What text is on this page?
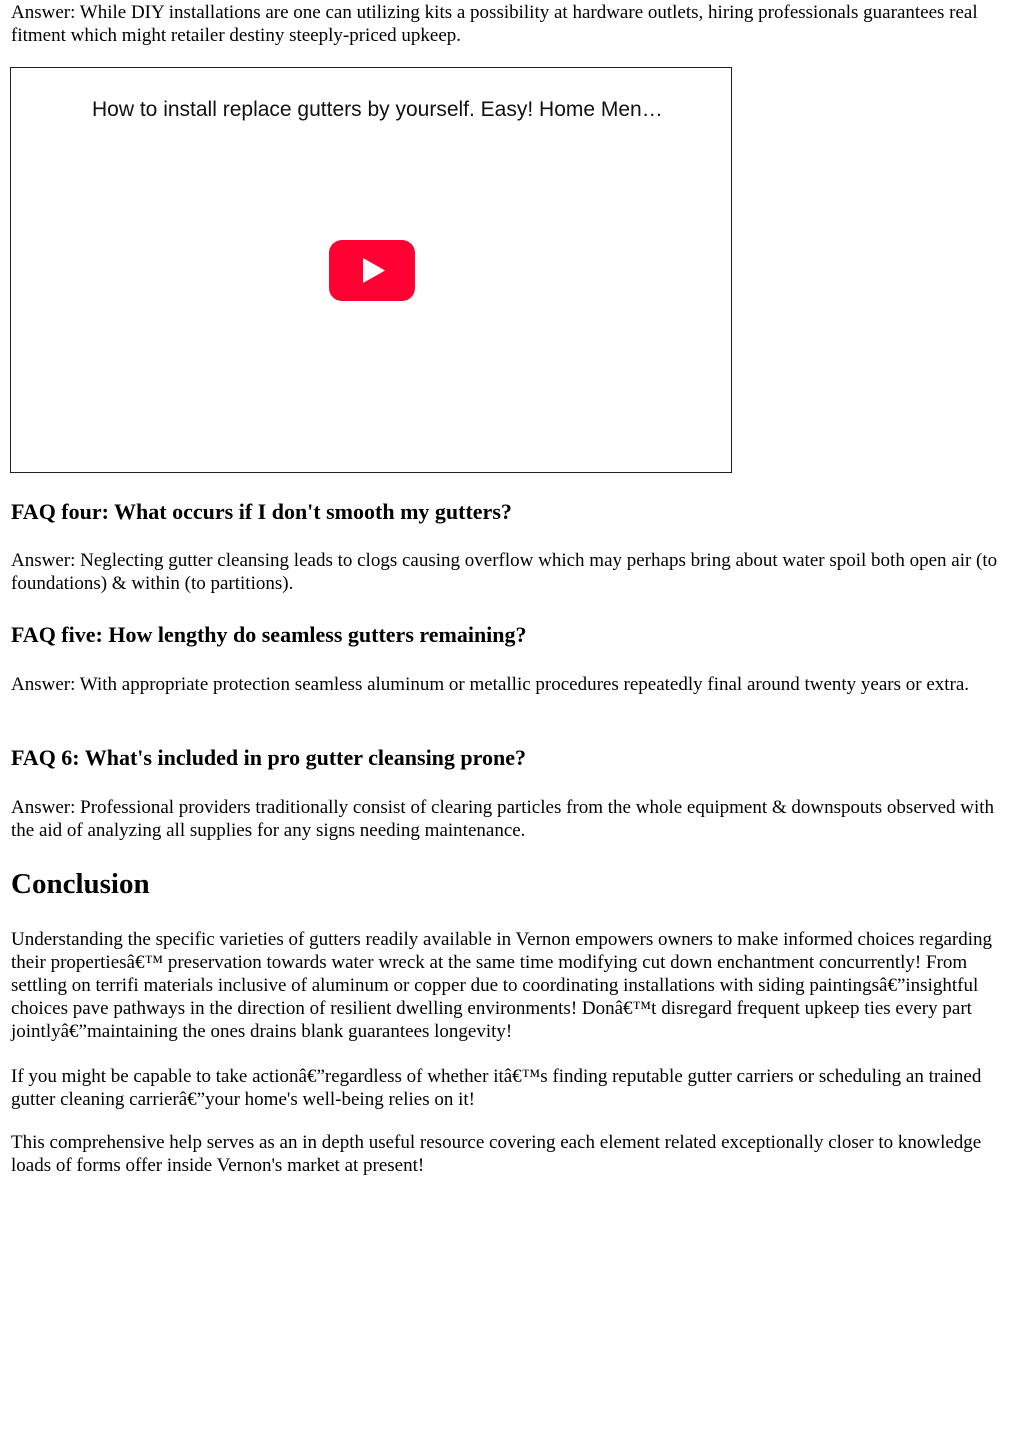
Answer: While DIY installations are one can utilizing kits a possibility at hardware outlets, hiring professionals guarantees real fitment which might retailer destiny steeply-priced upkeep.

How to install replace gutters by yourself. Easy! Home Men…
FAQ four: What occurs if I don't smooth my gutters?

Answer: Neglecting gutter cleansing leads to clogs causing overflow which may perhaps bring about water spoil both open air (to foundations) & within (to partitions).

FAQ five: How lengthy do seamless gutters remaining?

Answer: With appropriate protection seamless aluminum or metallic procedures repeatedly final around twenty years or extra.

FAQ 6: What's included in pro gutter cleansing prone?

Answer: Professional providers traditionally consist of clearing particles from the whole equipment & downspouts observed with the aid of analyzing all supplies for any signs needing maintenance.

Conclusion

Understanding the specific varieties of gutters readily available in Vernon empowers owners to make informed choices regarding their propertiesâ€™ preservation towards water wreck at the same time modifying cut down enchantment concurrently! From settling on terrifi materials inclusive of aluminum or copper due to coordinating installations with siding paintingsâ€”insightful choices pave pathways in the direction of resilient dwelling environments! Donâ€™t disregard frequent upkeep ties every part jointlyâ€”maintaining the ones drains blank guarantees longevity!

If you might be capable to take actionâ€”regardless of whether itâ€™s finding reputable gutter carriers or scheduling an trained gutter cleaning carrierâ€”your home's well-being relies on it!

This comprehensive help serves as an in depth useful resource covering each element related exceptionally closer to knowledge loads of forms offer inside Vernon's market at present!
